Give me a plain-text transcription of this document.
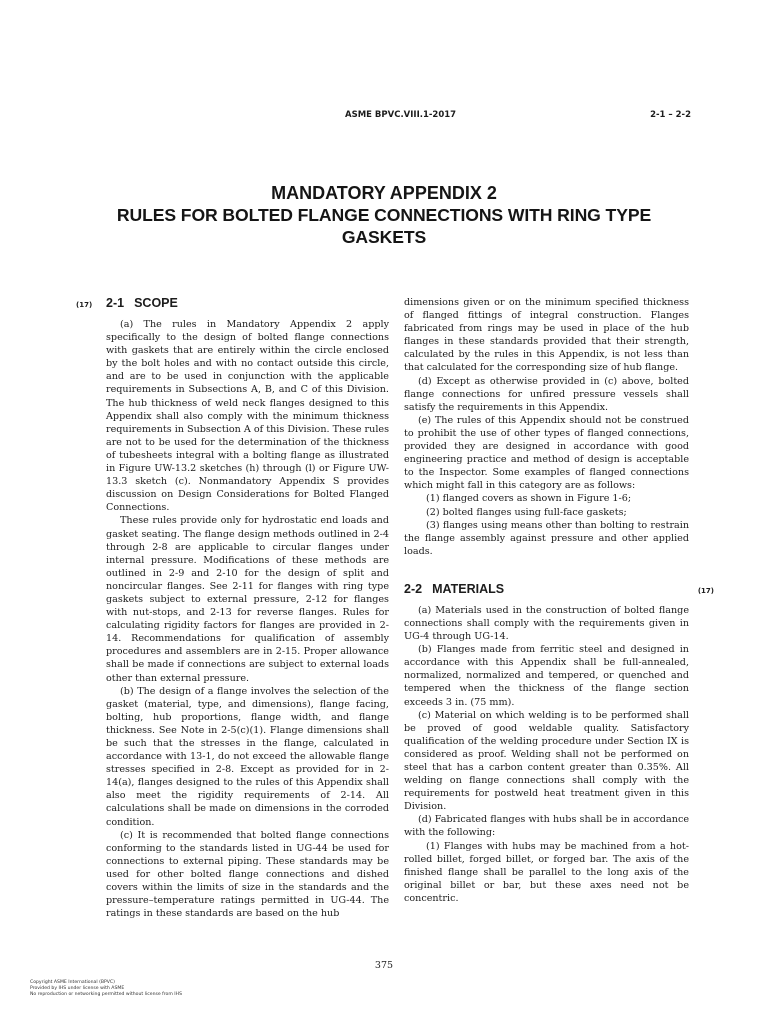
ASME BPVC.VIII.1-2017	2-1 – 2-2
MANDATORY APPENDIX 2
RULES FOR BOLTED FLANGE CONNECTIONS WITH RING TYPE GASKETS
(17) 2-1 SCOPE

(a) The rules in Mandatory Appendix 2 apply specifically to the design of bolted flange connections with gaskets that are entirely within the circle enclosed by the bolt holes and with no contact outside this circle, and are to be used in conjunction with the applicable requirements in Subsections A, B, and C of this Division. The hub thickness of weld neck flanges designed to this Appendix shall also comply with the minimum thickness requirements in Subsection A of this Division. These rules are not to be used for the determination of the thickness of tubesheets integral with a bolting flange as illustrated in Figure UW-13.2 sketches (h) through (l) or Figure UW-13.3 sketch (c). Nonmandatory Appendix S provides discussion on Design Considerations for Bolted Flanged Connections.

These rules provide only for hydrostatic end loads and gasket seating. The flange design methods outlined in 2-4 through 2-8 are applicable to circular flanges under internal pressure. Modifications of these methods are outlined in 2-9 and 2-10 for the design of split and noncircular flanges. See 2-11 for flanges with ring type gaskets subject to external pressure, 2-12 for flanges with nut-stops, and 2-13 for reverse flanges. Rules for calculating rigidity factors for flanges are provided in 2-14. Recommendations for qualification of assembly procedures and assemblers are in 2-15. Proper allowance shall be made if connections are subject to external loads other than external pressure.

(b) The design of a flange involves the selection of the gasket (material, type, and dimensions), flange facing, bolting, hub proportions, flange width, and flange thickness. See Note in 2-5(c)(1). Flange dimensions shall be such that the stresses in the flange, calculated in accordance with 13-1, do not exceed the allowable flange stresses specified in 2-8. Except as provided for in 2-14(a), flanges designed to the rules of this Appendix shall also meet the rigidity requirements of 2-14. All calculations shall be made on dimensions in the corroded condition.

(c) It is recommended that bolted flange connections conforming to the standards listed in UG-44 be used for connections to external piping. These standards may be used for other bolted flange connections and dished covers within the limits of size in the standards and the pressure–temperature ratings permitted in UG-44. The ratings in these standards are based on the hub

dimensions given or on the minimum specified thickness of flanged fittings of integral construction. Flanges fabricated from rings may be used in place of the hub flanges in these standards provided that their strength, calculated by the rules in this Appendix, is not less than that calculated for the corresponding size of hub flange.

(d) Except as otherwise provided in (c) above, bolted flange connections for unfired pressure vessels shall satisfy the requirements in this Appendix.

(e) The rules of this Appendix should not be construed to prohibit the use of other types of flanged connections, provided they are designed in accordance with good engineering practice and method of design is acceptable to the Inspector. Some examples of flanged connections which might fall in this category are as follows:

(1) flanged covers as shown in Figure 1-6;

(2) bolted flanges using full-face gaskets;

(3) flanges using means other than bolting to restrain the flange assembly against pressure and other applied loads.

2-2 MATERIALS	(17)

(a) Materials used in the construction of bolted flange connections shall comply with the requirements given in UG-4 through UG-14.

(b) Flanges made from ferritic steel and designed in accordance with this Appendix shall be full-annealed, normalized, normalized and tempered, or quenched and tempered when the thickness of the flange section exceeds 3 in. (75 mm).

(c) Material on which welding is to be performed shall be proved of good weldable quality. Satisfactory qualification of the welding procedure under Section IX is considered as proof. Welding shall not be performed on steel that has a carbon content greater than 0.35%. All welding on flange connections shall comply with the requirements for postweld heat treatment given in this Division.

(d) Fabricated flanges with hubs shall be in accordance with the following:

(1) Flanges with hubs may be machined from a hot-rolled billet, forged billet, or forged bar. The axis of the finished flange shall be parallel to the long axis of the original billet or bar, but these axes need not be concentric.

375
Copyright ASME International (BPVC)
Provided by IHS under license with ASME
No reproduction or networking permitted without license from IHS
